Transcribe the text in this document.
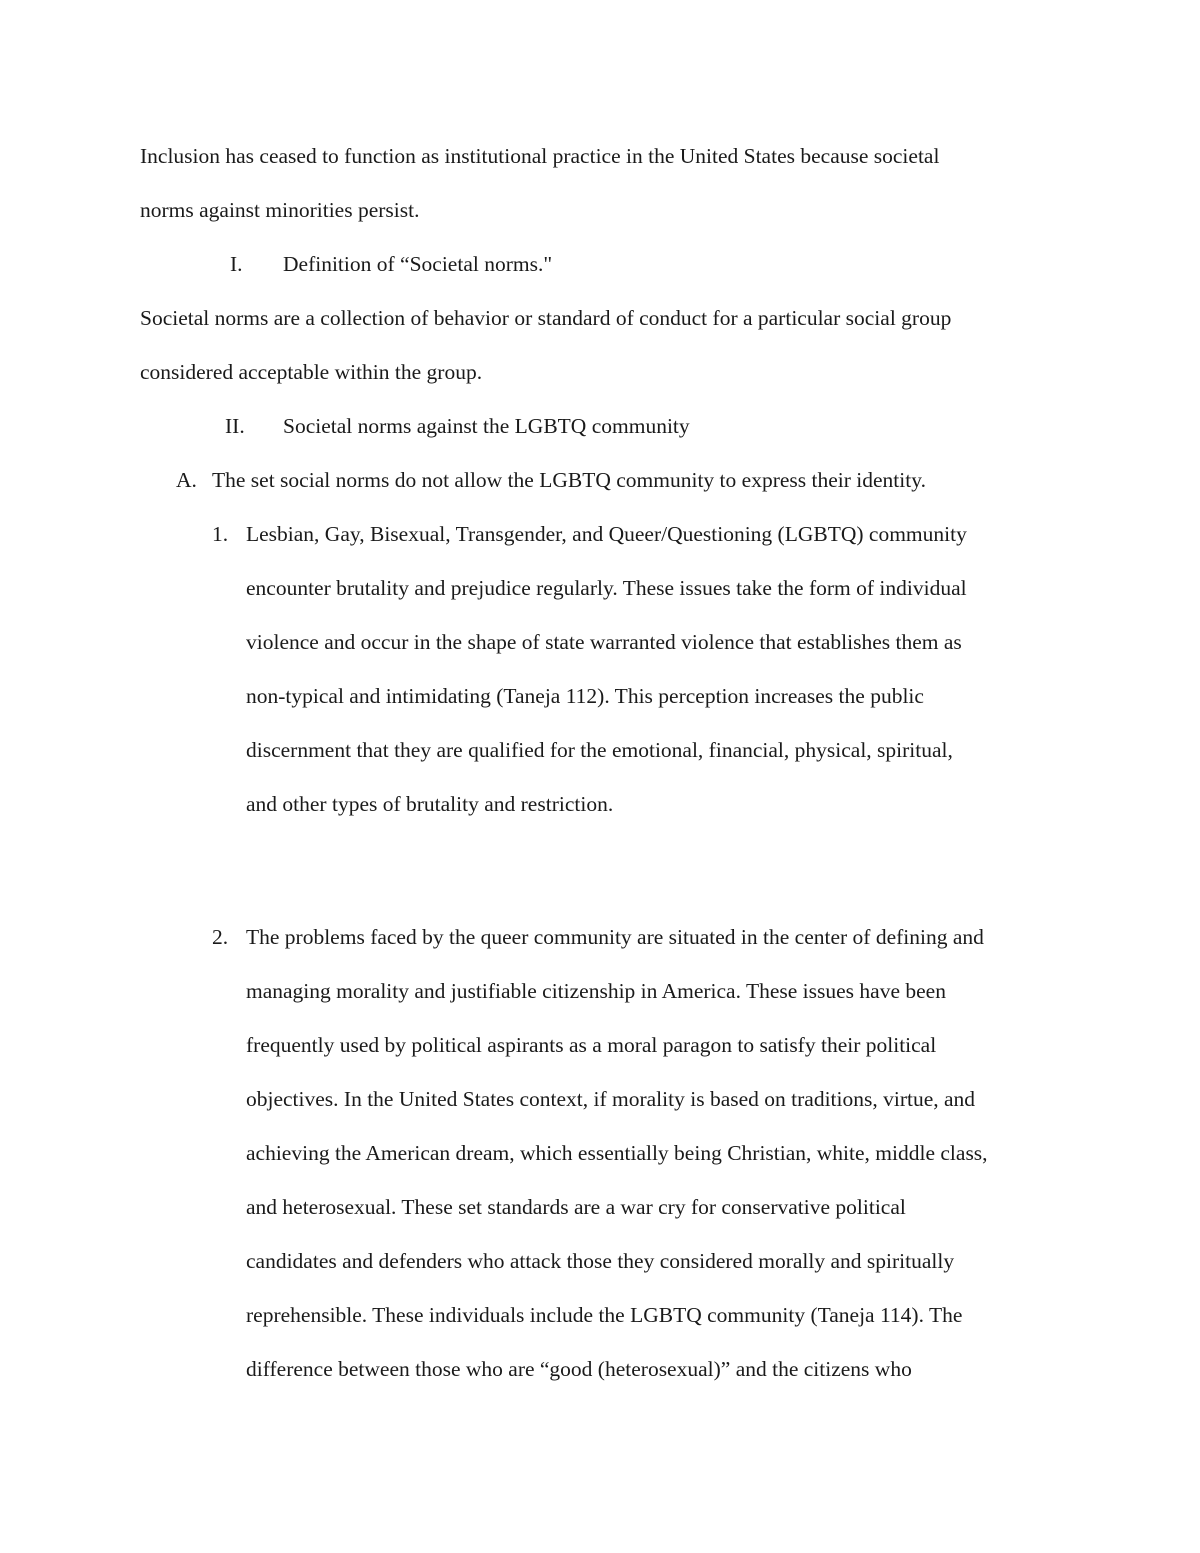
Inclusion has ceased to function as institutional practice in the United States because societal
norms against minorities persist.
I. Definition of “Societal norms."
Societal norms are a collection of behavior or standard of conduct for a particular social group
considered acceptable within the group.
II. Societal norms against the LGBTQ community
A. The set social norms do not allow the LGBTQ community to express their identity.
1. Lesbian, Gay, Bisexual, Transgender, and Queer/Questioning (LGBTQ) community
encounter brutality and prejudice regularly. These issues take the form of individual
violence and occur in the shape of state warranted violence that establishes them as
non-typical and intimidating (Taneja 112). This perception increases the public
discernment that they are qualified for the emotional, financial, physical, spiritual,
and other types of brutality and restriction.
2. The problems faced by the queer community are situated in the center of defining and
managing morality and justifiable citizenship in America. These issues have been
frequently used by political aspirants as a moral paragon to satisfy their political
objectives. In the United States context, if morality is based on traditions, virtue, and
achieving the American dream, which essentially being Christian, white, middle class,
and heterosexual. These set standards are a war cry for conservative political
candidates and defenders who attack those they considered morally and spiritually
reprehensible. These individuals include the LGBTQ community (Taneja 114). The
difference between those who are “good (heterosexual)” and the citizens who
